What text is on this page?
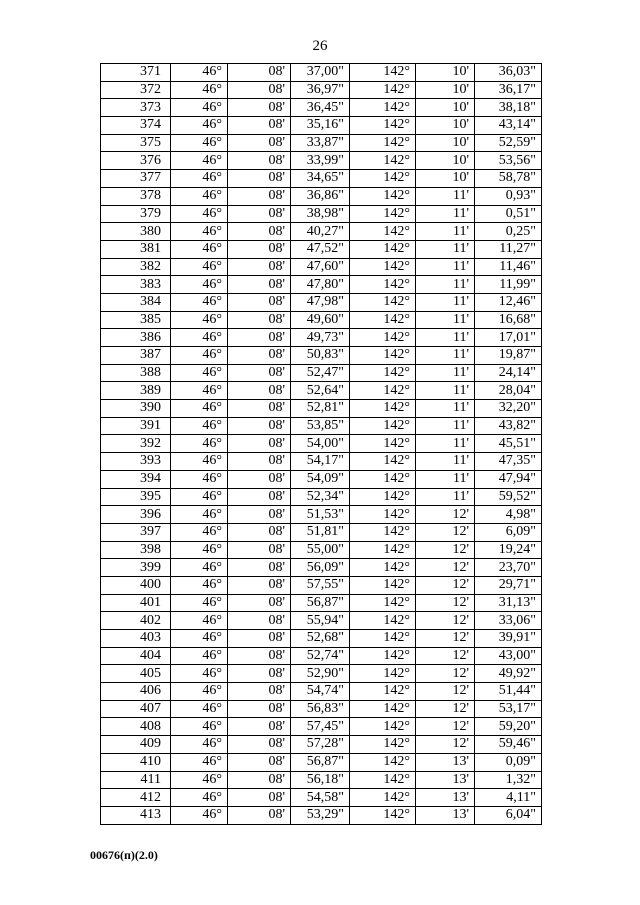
26
371	46°	08'	37,00"	142°	10'	36,03"
372	46°	08'	36,97"	142°	10'	36,17"
373	46°	08'	36,45"	142°	10'	38,18"
374	46°	08'	35,16"	142°	10'	43,14"
375	46°	08'	33,87"	142°	10'	52,59"
376	46°	08'	33,99"	142°	10'	53,56"
377	46°	08'	34,65"	142°	10'	58,78"
378	46°	08'	36,86"	142°	11'	0,93"
379	46°	08'	38,98"	142°	11'	0,51"
380	46°	08'	40,27"	142°	11'	0,25"
381	46°	08'	47,52"	142°	11'	11,27"
382	46°	08'	47,60"	142°	11'	11,46"
383	46°	08'	47,80"	142°	11'	11,99"
384	46°	08'	47,98"	142°	11'	12,46"
385	46°	08'	49,60"	142°	11'	16,68"
386	46°	08'	49,73"	142°	11'	17,01"
387	46°	08'	50,83"	142°	11'	19,87"
388	46°	08'	52,47"	142°	11'	24,14"
389	46°	08'	52,64"	142°	11'	28,04"
390	46°	08'	52,81"	142°	11'	32,20"
391	46°	08'	53,85"	142°	11'	43,82"
392	46°	08'	54,00"	142°	11'	45,51"
393	46°	08'	54,17"	142°	11'	47,35"
394	46°	08'	54,09"	142°	11'	47,94"
395	46°	08'	52,34"	142°	11'	59,52"
396	46°	08'	51,53"	142°	12'	4,98"
397	46°	08'	51,81"	142°	12'	6,09"
398	46°	08'	55,00"	142°	12'	19,24"
399	46°	08'	56,09"	142°	12'	23,70"
400	46°	08'	57,55"	142°	12'	29,71"
401	46°	08'	56,87"	142°	12'	31,13"
402	46°	08'	55,94"	142°	12'	33,06"
403	46°	08'	52,68"	142°	12'	39,91"
404	46°	08'	52,74"	142°	12'	43,00"
405	46°	08'	52,90"	142°	12'	49,92"
406	46°	08'	54,74"	142°	12'	51,44"
407	46°	08'	56,83"	142°	12'	53,17"
408	46°	08'	57,45"	142°	12'	59,20"
409	46°	08'	57,28"	142°	12'	59,46"
410	46°	08'	56,87"	142°	13'	0,09"
411	46°	08'	56,18"	142°	13'	1,32"
412	46°	08'	54,58"	142°	13'	4,11"
413	46°	08'	53,29"	142°	13'	6,04"
00676(п)(2.0)
